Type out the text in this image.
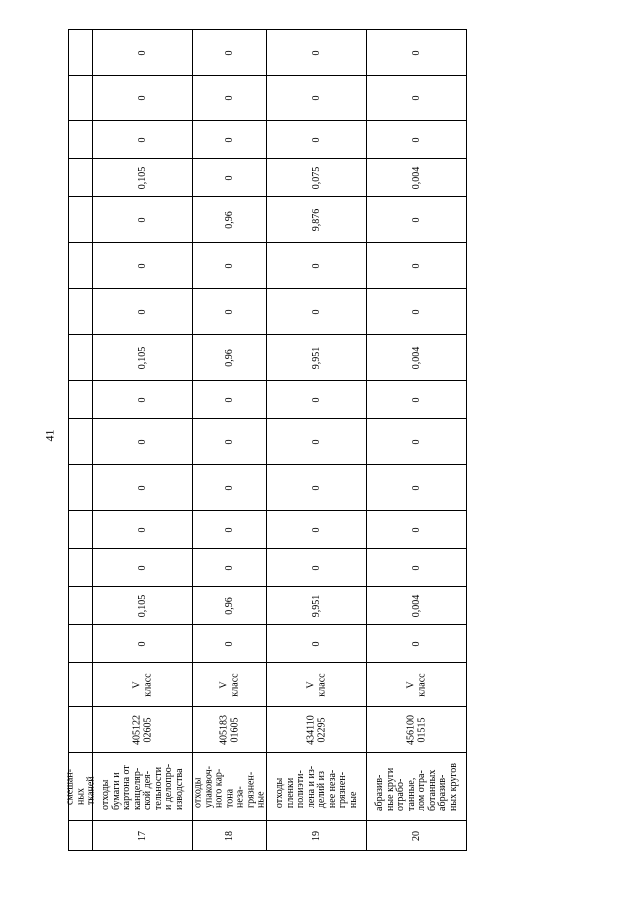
41
смешан-
ных тканей
17
отходы
бумаги и
картона от
канцеляр-
ской дея-
тельности
и делопро-
изводства
405122
02605
V
класс
0
0,105
0
0
0
0
0
0,105
0
0
0
0,105
0
0
0
18
отходы
упаковоч-
ного кар-
тона неза-
грязнен-
ные
405183
01605
V
класс
0
0,96
0
0
0
0
0
0,96
0
0
0,96
0
0
0
0
19
отходы
пленки
полиэти-
лена и из-
делий из
нее неза-
грязнен-
ные
434110
02295
V
класс
0
9,951
0
0
0
0
0
9,951
0
0
9,876
0,075
0
0
0
20
абразив-
ные круги
отрабо-
танные,
лом отра-
ботанных
абразив-
ных кругов
456100
01515
V
класс
0
0,004
0
0
0
0
0
0,004
0
0
0
0,004
0
0
0
